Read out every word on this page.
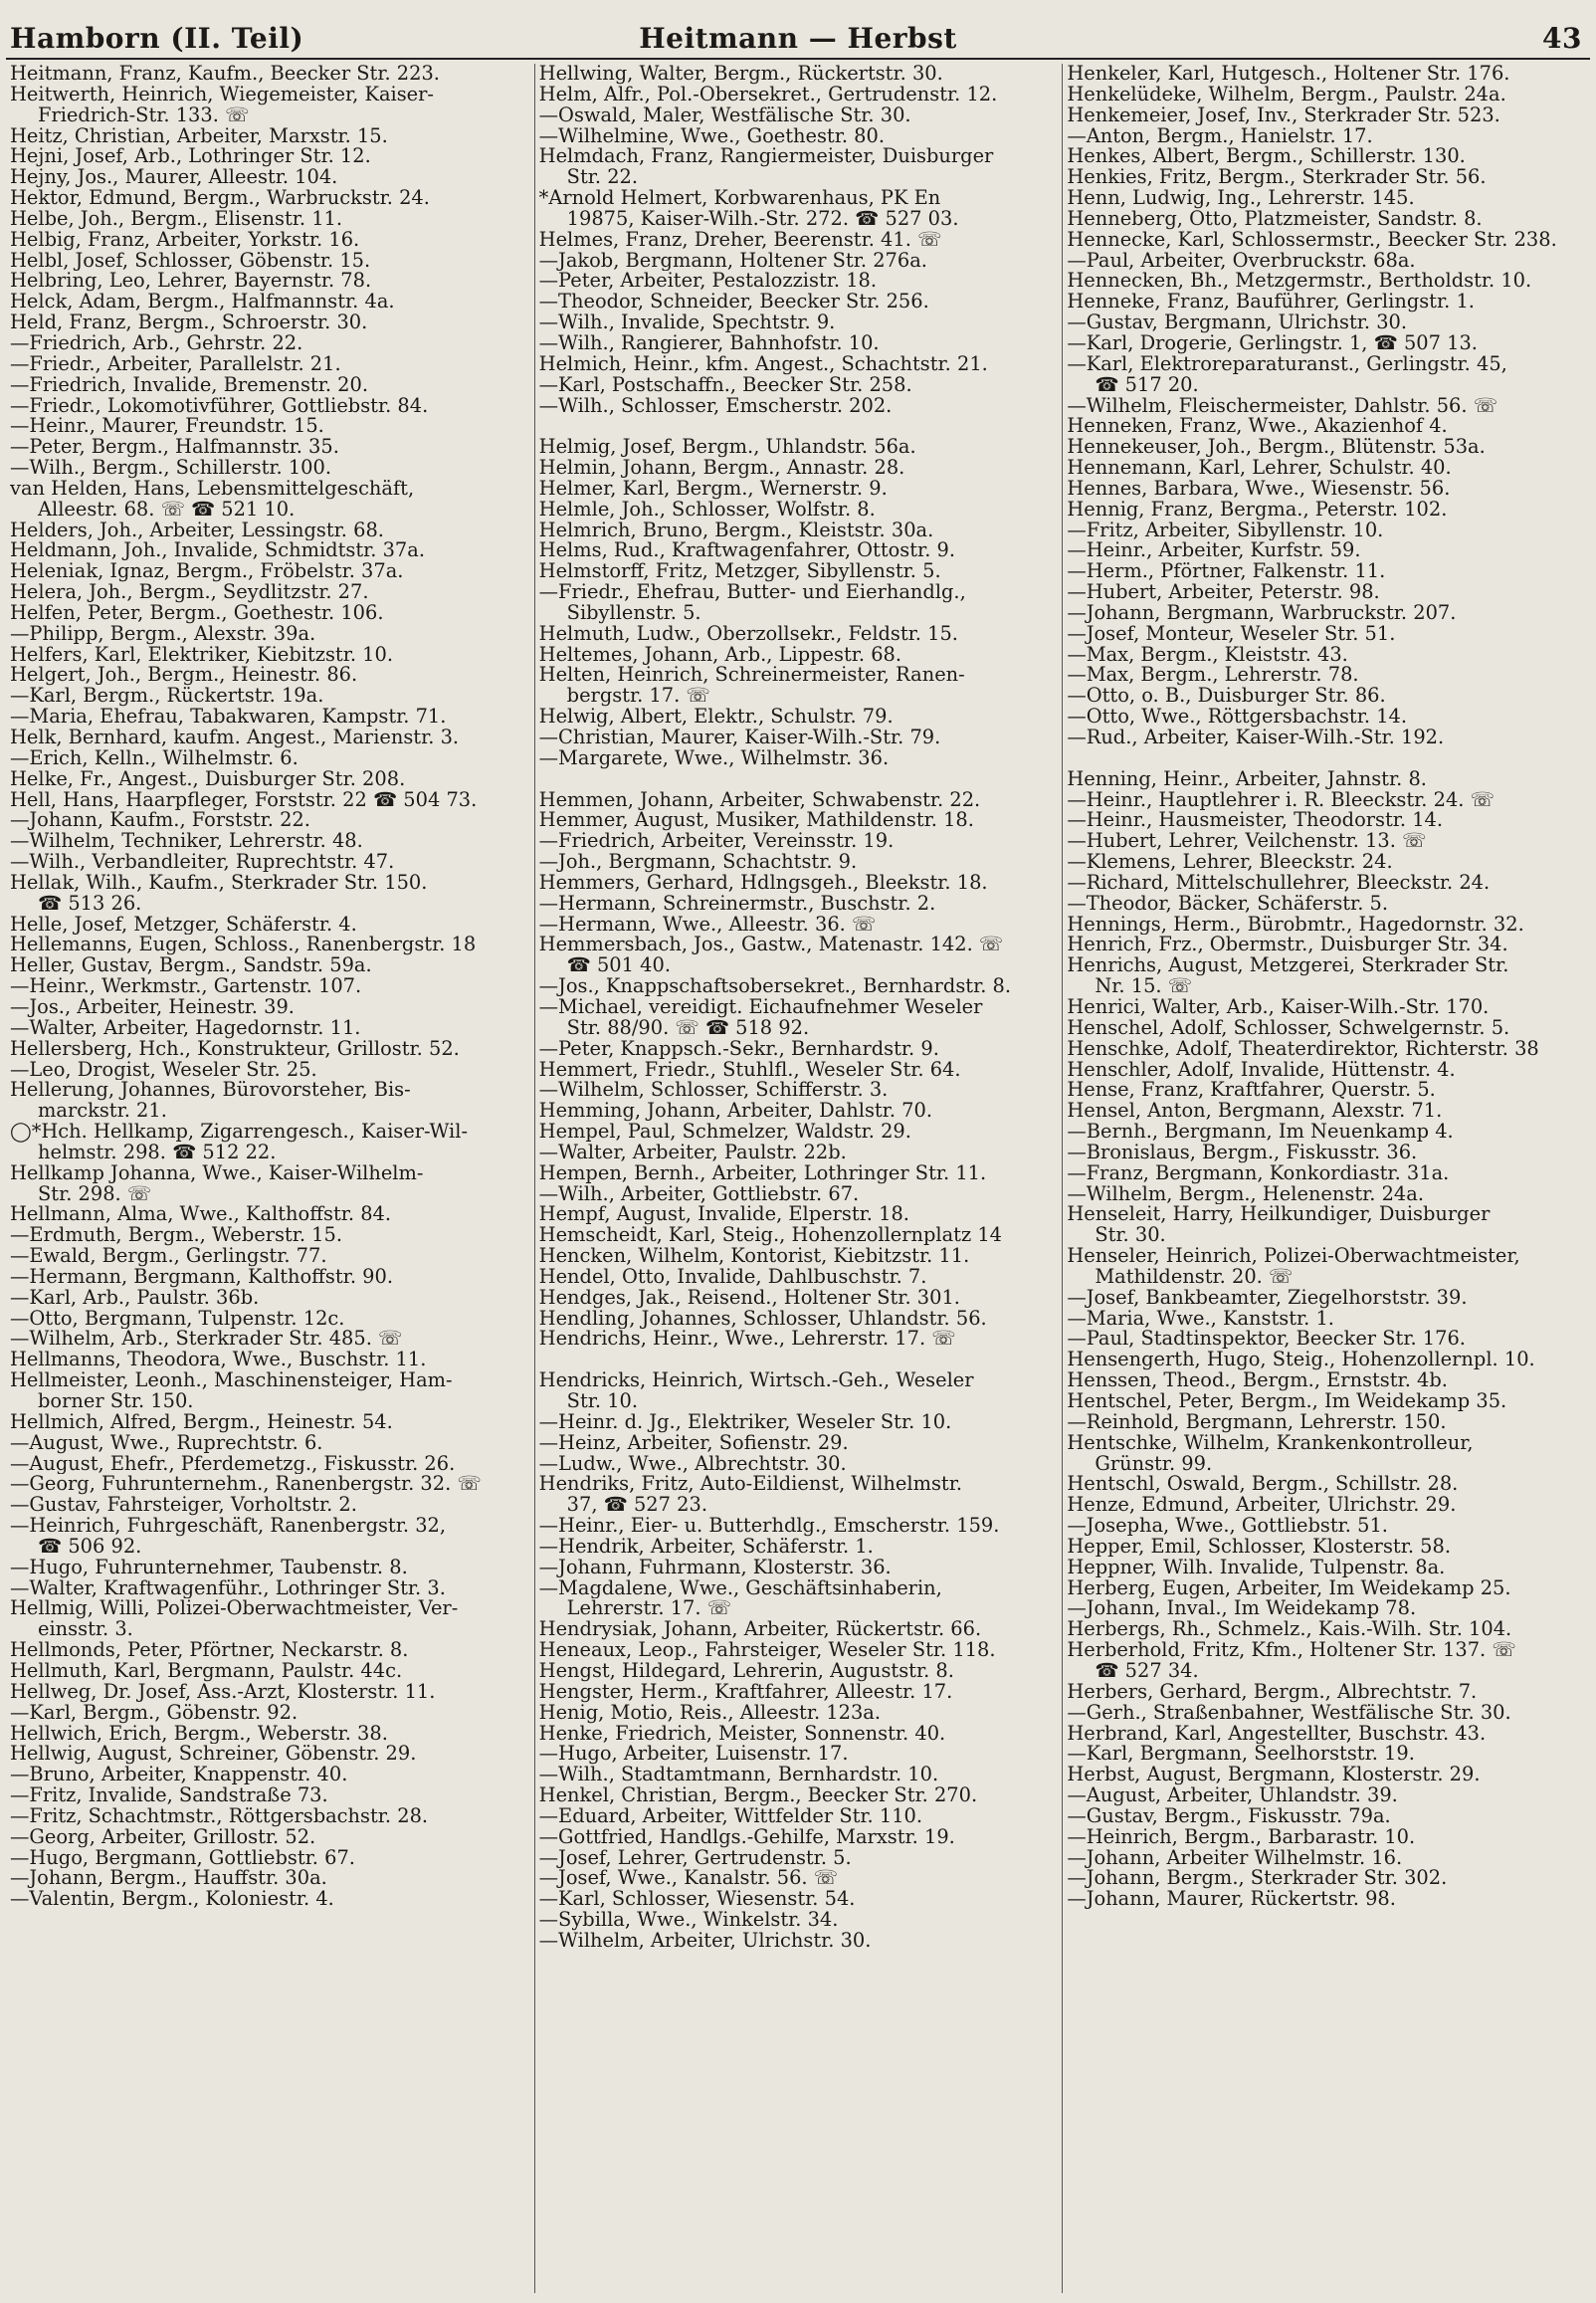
Hamborn (II. Teil)	Heitmann — Herbst	43
Heitmann, Franz, Kaufm., Beecker Str. 223.
Heitwerth, Heinrich, Wiegemeister, Kaiser-
Friedrich-Str. 133. ☏
Heitz, Christian, Arbeiter, Marxstr. 15.
Hejni, Josef, Arb., Lothringer Str. 12.
Hejny, Jos., Maurer, Alleestr. 104.
Hektor, Edmund, Bergm., Warbruckstr. 24.
Helbe, Joh., Bergm., Elisenstr. 11.
Helbig, Franz, Arbeiter, Yorkstr. 16.
Helbl, Josef, Schlosser, Göbenstr. 15.
Helbring, Leo, Lehrer, Bayernstr. 78.
Helck, Adam, Bergm., Halfmannstr. 4a.
Held, Franz, Bergm., Schroerstr. 30.
—Friedrich, Arb., Gehrstr. 22.
—Friedr., Arbeiter, Parallelstr. 21.
—Friedrich, Invalide, Bremenstr. 20.
—Friedr., Lokomotivführer, Gottliebstr. 84.
—Heinr., Maurer, Freundstr. 15.
—Peter, Bergm., Halfmannstr. 35.
—Wilh., Bergm., Schillerstr. 100.
van Helden, Hans, Lebensmittelgeschäft,
Alleestr. 68. ☏ ☎ 521 10.
Helders, Joh., Arbeiter, Lessingstr. 68.
Heldmann, Joh., Invalide, Schmidtstr. 37a.
Heleniak, Ignaz, Bergm., Fröbelstr. 37a.
Helera, Joh., Bergm., Seydlitzstr. 27.
Helfen, Peter, Bergm., Goethestr. 106.
—Philipp, Bergm., Alexstr. 39a.
Helfers, Karl, Elektriker, Kiebitzstr. 10.
Helgert, Joh., Bergm., Heinestr. 86.
—Karl, Bergm., Rückertstr. 19a.
—Maria, Ehefrau, Tabakwaren, Kampstr. 71.
Helk, Bernhard, kaufm. Angest., Marienstr. 3.
—Erich, Kelln., Wilhelmstr. 6.
Helke, Fr., Angest., Duisburger Str. 208.
Hell, Hans, Haarpfleger, Forststr. 22 ☎ 504 73.
—Johann, Kaufm., Forststr. 22.
—Wilhelm, Techniker, Lehrerstr. 48.
—Wilh., Verbandleiter, Ruprechtstr. 47.
Hellak, Wilh., Kaufm., Sterkrader Str. 150.
☎ 513 26.
Helle, Josef, Metzger, Schäferstr. 4.
Hellemanns, Eugen, Schloss., Ranenbergstr. 18
Heller, Gustav, Bergm., Sandstr. 59a.
—Heinr., Werkmstr., Gartenstr. 107.
—Jos., Arbeiter, Heinestr. 39.
—Walter, Arbeiter, Hagedornstr. 11.
Hellersberg, Hch., Konstrukteur, Grillostr. 52.
—Leo, Drogist, Weseler Str. 25.
Hellerung, Johannes, Bürovorsteher, Bis-
marckstr. 21.
◯*Hch. Hellkamp, Zigarrengesch., Kaiser-Wil-
helmstr. 298. ☎ 512 22.
Hellkamp Johanna, Wwe., Kaiser-Wilhelm-
Str. 298. ☏
Hellmann, Alma, Wwe., Kalthoffstr. 84.
—Erdmuth, Bergm., Weberstr. 15.
—Ewald, Bergm., Gerlingstr. 77.
—Hermann, Bergmann, Kalthoffstr. 90.
—Karl, Arb., Paulstr. 36b.
—Otto, Bergmann, Tulpenstr. 12c.
—Wilhelm, Arb., Sterkrader Str. 485. ☏
Hellmanns, Theodora, Wwe., Buschstr. 11.
Hellmeister, Leonh., Maschinensteiger, Ham-
borner Str. 150.
Hellmich, Alfred, Bergm., Heinestr. 54.
—August, Wwe., Ruprechtstr. 6.
—August, Ehefr., Pferdemetzg., Fiskusstr. 26.
—Georg, Fuhrunternehm., Ranenbergstr. 32. ☏
—Gustav, Fahrsteiger, Vorholtstr. 2.
—Heinrich, Fuhrgeschäft, Ranenbergstr. 32,
☎ 506 92.
—Hugo, Fuhrunternehmer, Taubenstr. 8.
—Walter, Kraftwagenführ., Lothringer Str. 3.
Hellmig, Willi, Polizei-Oberwachtmeister, Ver-
einsstr. 3.
Hellmonds, Peter, Pförtner, Neckarstr. 8.
Hellmuth, Karl, Bergmann, Paulstr. 44c.
Hellweg, Dr. Josef, Ass.-Arzt, Klosterstr. 11.
—Karl, Bergm., Göbenstr. 92.
Hellwich, Erich, Bergm., Weberstr. 38.
Hellwig, August, Schreiner, Göbenstr. 29.
—Bruno, Arbeiter, Knappenstr. 40.
—Fritz, Invalide, Sandstraße 73.
—Fritz, Schachtmstr., Röttgersbachstr. 28.
—Georg, Arbeiter, Grillostr. 52.
—Hugo, Bergmann, Gottliebstr. 67.
—Johann, Bergm., Hauffstr. 30a.
—Valentin, Bergm., Koloniestr. 4.
Hellwing, Walter, Bergm., Rückertstr. 30.
Helm, Alfr., Pol.-Obersekret., Gertrudenstr. 12.
—Oswald, Maler, Westfälische Str. 30.
—Wilhelmine, Wwe., Goethestr. 80.
Helmdach, Franz, Rangiermeister, Duisburger
Str. 22.
*Arnold Helmert, Korbwarenhaus, PK En
19875, Kaiser-Wilh.-Str. 272. ☎ 527 03.
Helmes, Franz, Dreher, Beerenstr. 41. ☏
—Jakob, Bergmann, Holtener Str. 276a.
—Peter, Arbeiter, Pestalozzistr. 18.
—Theodor, Schneider, Beecker Str. 256.
—Wilh., Invalide, Spechtstr. 9.
—Wilh., Rangierer, Bahnhofstr. 10.
Helmich, Heinr., kfm. Angest., Schachtstr. 21.
—Karl, Postschaffn., Beecker Str. 258.
—Wilh., Schlosser, Emscherstr. 202.
Helmig, Josef, Bergm., Uhlandstr. 56a.
Helmin, Johann, Bergm., Annastr. 28.
Helmer, Karl, Bergm., Wernerstr. 9.
Helmle, Joh., Schlosser, Wolfstr. 8.
Helmrich, Bruno, Bergm., Kleiststr. 30a.
Helms, Rud., Kraftwagenfahrer, Ottostr. 9.
Helmstorff, Fritz, Metzger, Sibyllenstr. 5.
—Friedr., Ehefrau, Butter- und Eierhandlg.,
Sibyllenstr. 5.
Helmuth, Ludw., Oberzollsekr., Feldstr. 15.
Heltemes, Johann, Arb., Lippestr. 68.
Helten, Heinrich, Schreinermeister, Ranen-
bergstr. 17. ☏
Helwig, Albert, Elektr., Schulstr. 79.
—Christian, Maurer, Kaiser-Wilh.-Str. 79.
—Margarete, Wwe., Wilhelmstr. 36.
Hemmen, Johann, Arbeiter, Schwabenstr. 22.
Hemmer, August, Musiker, Mathildenstr. 18.
—Friedrich, Arbeiter, Vereinsstr. 19.
—Joh., Bergmann, Schachtstr. 9.
Hemmers, Gerhard, Hdlngsgeh., Bleekstr. 18.
—Hermann, Schreinermstr., Buschstr. 2.
—Hermann, Wwe., Alleestr. 36. ☏
Hemmersbach, Jos., Gastw., Matenastr. 142. ☏
☎ 501 40.
—Jos., Knappschaftsobersekret., Bernhardstr. 8.
—Michael, vereidigt. Eichaufnehmer Weseler
Str. 88/90. ☏ ☎ 518 92.
—Peter, Knappsch.-Sekr., Bernhardstr. 9.
Hemmert, Friedr., Stuhlfl., Weseler Str. 64.
—Wilhelm, Schlosser, Schifferstr. 3.
Hemming, Johann, Arbeiter, Dahlstr. 70.
Hempel, Paul, Schmelzer, Waldstr. 29.
—Walter, Arbeiter, Paulstr. 22b.
Hempen, Bernh., Arbeiter, Lothringer Str. 11.
—Wilh., Arbeiter, Gottliebstr. 67.
Hempf, August, Invalide, Elperstr. 18.
Hemscheidt, Karl, Steig., Hohenzollernplatz 14
Hencken, Wilhelm, Kontorist, Kiebitzstr. 11.
Hendel, Otto, Invalide, Dahlbuschstr. 7.
Hendges, Jak., Reisend., Holtener Str. 301.
Hendling, Johannes, Schlosser, Uhlandstr. 56.
Hendrichs, Heinr., Wwe., Lehrerstr. 17. ☏
Hendricks, Heinrich, Wirtsch.-Geh., Weseler
Str. 10.
—Heinr. d. Jg., Elektriker, Weseler Str. 10.
—Heinz, Arbeiter, Sofienstr. 29.
—Ludw., Wwe., Albrechtstr. 30.
Hendriks, Fritz, Auto-Eildienst, Wilhelmstr.
37, ☎ 527 23.
—Heinr., Eier- u. Butterhdlg., Emscherstr. 159.
—Hendrik, Arbeiter, Schäferstr. 1.
—Johann, Fuhrmann, Klosterstr. 36.
—Magdalene, Wwe., Geschäftsinhaberin,
Lehrerstr. 17. ☏
Hendrysiak, Johann, Arbeiter, Rückertstr. 66.
Heneaux, Leop., Fahrsteiger, Weseler Str. 118.
Hengst, Hildegard, Lehrerin, Auguststr. 8.
Hengster, Herm., Kraftfahrer, Alleestr. 17.
Henig, Motio, Reis., Alleestr. 123a.
Henke, Friedrich, Meister, Sonnenstr. 40.
—Hugo, Arbeiter, Luisenstr. 17.
—Wilh., Stadtamtmann, Bernhardstr. 10.
Henkel, Christian, Bergm., Beecker Str. 270.
—Eduard, Arbeiter, Wittfelder Str. 110.
—Gottfried, Handlgs.-Gehilfe, Marxstr. 19.
—Josef, Lehrer, Gertrudenstr. 5.
—Josef, Wwe., Kanalstr. 56. ☏
—Karl, Schlosser, Wiesenstr. 54.
—Sybilla, Wwe., Winkelstr. 34.
—Wilhelm, Arbeiter, Ulrichstr. 30.
Henkeler, Karl, Hutgesch., Holtener Str. 176.
Henkelüdeke, Wilhelm, Bergm., Paulstr. 24a.
Henkemeier, Josef, Inv., Sterkrader Str. 523.
—Anton, Bergm., Hanielstr. 17.
Henkes, Albert, Bergm., Schillerstr. 130.
Henkies, Fritz, Bergm., Sterkrader Str. 56.
Henn, Ludwig, Ing., Lehrerstr. 145.
Henneberg, Otto, Platzmeister, Sandstr. 8.
Hennecke, Karl, Schlossermstr., Beecker Str. 238.
—Paul, Arbeiter, Overbruckstr. 68a.
Hennecken, Bh., Metzgermstr., Bertholdstr. 10.
Henneke, Franz, Bauführer, Gerlingstr. 1.
—Gustav, Bergmann, Ulrichstr. 30.
—Karl, Drogerie, Gerlingstr. 1, ☎ 507 13.
—Karl, Elektroreparaturanst., Gerlingstr. 45,
☎ 517 20.
—Wilhelm, Fleischermeister, Dahlstr. 56. ☏
Henneken, Franz, Wwe., Akazienhof 4.
Hennekeuser, Joh., Bergm., Blütenstr. 53a.
Hennemann, Karl, Lehrer, Schulstr. 40.
Hennes, Barbara, Wwe., Wiesenstr. 56.
Hennig, Franz, Bergma., Peterstr. 102.
—Fritz, Arbeiter, Sibyllenstr. 10.
—Heinr., Arbeiter, Kurfstr. 59.
—Herm., Pförtner, Falkenstr. 11.
—Hubert, Arbeiter, Peterstr. 98.
—Johann, Bergmann, Warbruckstr. 207.
—Josef, Monteur, Weseler Str. 51.
—Max, Bergm., Kleiststr. 43.
—Max, Bergm., Lehrerstr. 78.
—Otto, o. B., Duisburger Str. 86.
—Otto, Wwe., Röttgersbachstr. 14.
—Rud., Arbeiter, Kaiser-Wilh.-Str. 192.
Henning, Heinr., Arbeiter, Jahnstr. 8.
—Heinr., Hauptlehrer i. R. Bleeckstr. 24. ☏
—Heinr., Hausmeister, Theodorstr. 14.
—Hubert, Lehrer, Veilchenstr. 13. ☏
—Klemens, Lehrer, Bleeckstr. 24.
—Richard, Mittelschullehrer, Bleeckstr. 24.
—Theodor, Bäcker, Schäferstr. 5.
Hennings, Herm., Bürobmtr., Hagedornstr. 32.
Henrich, Frz., Obermstr., Duisburger Str. 34.
Henrichs, August, Metzgerei, Sterkrader Str.
Nr. 15. ☏
Henrici, Walter, Arb., Kaiser-Wilh.-Str. 170.
Henschel, Adolf, Schlosser, Schwelgernstr. 5.
Henschke, Adolf, Theaterdirektor, Richterstr. 38
Henschler, Adolf, Invalide, Hüttenstr. 4.
Hense, Franz, Kraftfahrer, Querstr. 5.
Hensel, Anton, Bergmann, Alexstr. 71.
—Bernh., Bergmann, Im Neuenkamp 4.
—Bronislaus, Bergm., Fiskusstr. 36.
—Franz, Bergmann, Konkordiastr. 31a.
—Wilhelm, Bergm., Helenenstr. 24a.
Henseleit, Harry, Heilkundiger, Duisburger
Str. 30.
Henseler, Heinrich, Polizei-Oberwachtmeister,
Mathildenstr. 20. ☏
—Josef, Bankbeamter, Ziegelhorststr. 39.
—Maria, Wwe., Kanststr. 1.
—Paul, Stadtinspektor, Beecker Str. 176.
Hensengerth, Hugo, Steig., Hohenzollernpl. 10.
Henssen, Theod., Bergm., Ernststr. 4b.
Hentschel, Peter, Bergm., Im Weidekamp 35.
—Reinhold, Bergmann, Lehrerstr. 150.
Hentschke, Wilhelm, Krankenkontrolleur,
Grünstr. 99.
Hentschl, Oswald, Bergm., Schillstr. 28.
Henze, Edmund, Arbeiter, Ulrichstr. 29.
—Josepha, Wwe., Gottliebstr. 51.
Hepper, Emil, Schlosser, Klosterstr. 58.
Heppner, Wilh. Invalide, Tulpenstr. 8a.
Herberg, Eugen, Arbeiter, Im Weidekamp 25.
—Johann, Inval., Im Weidekamp 78.
Herbergs, Rh., Schmelz., Kais.-Wilh. Str. 104.
Herberhold, Fritz, Kfm., Holtener Str. 137. ☏
☎ 527 34.
Herbers, Gerhard, Bergm., Albrechtstr. 7.
—Gerh., Straßenbahner, Westfälische Str. 30.
Herbrand, Karl, Angestellter, Buschstr. 43.
—Karl, Bergmann, Seelhorststr. 19.
Herbst, August, Bergmann, Klosterstr. 29.
—August, Arbeiter, Uhlandstr. 39.
—Gustav, Bergm., Fiskusstr. 79a.
—Heinrich, Bergm., Barbarastr. 10.
—Johann, Arbeiter Wilhelmstr. 16.
—Johann, Bergm., Sterkrader Str. 302.
—Johann, Maurer, Rückertstr. 98.
